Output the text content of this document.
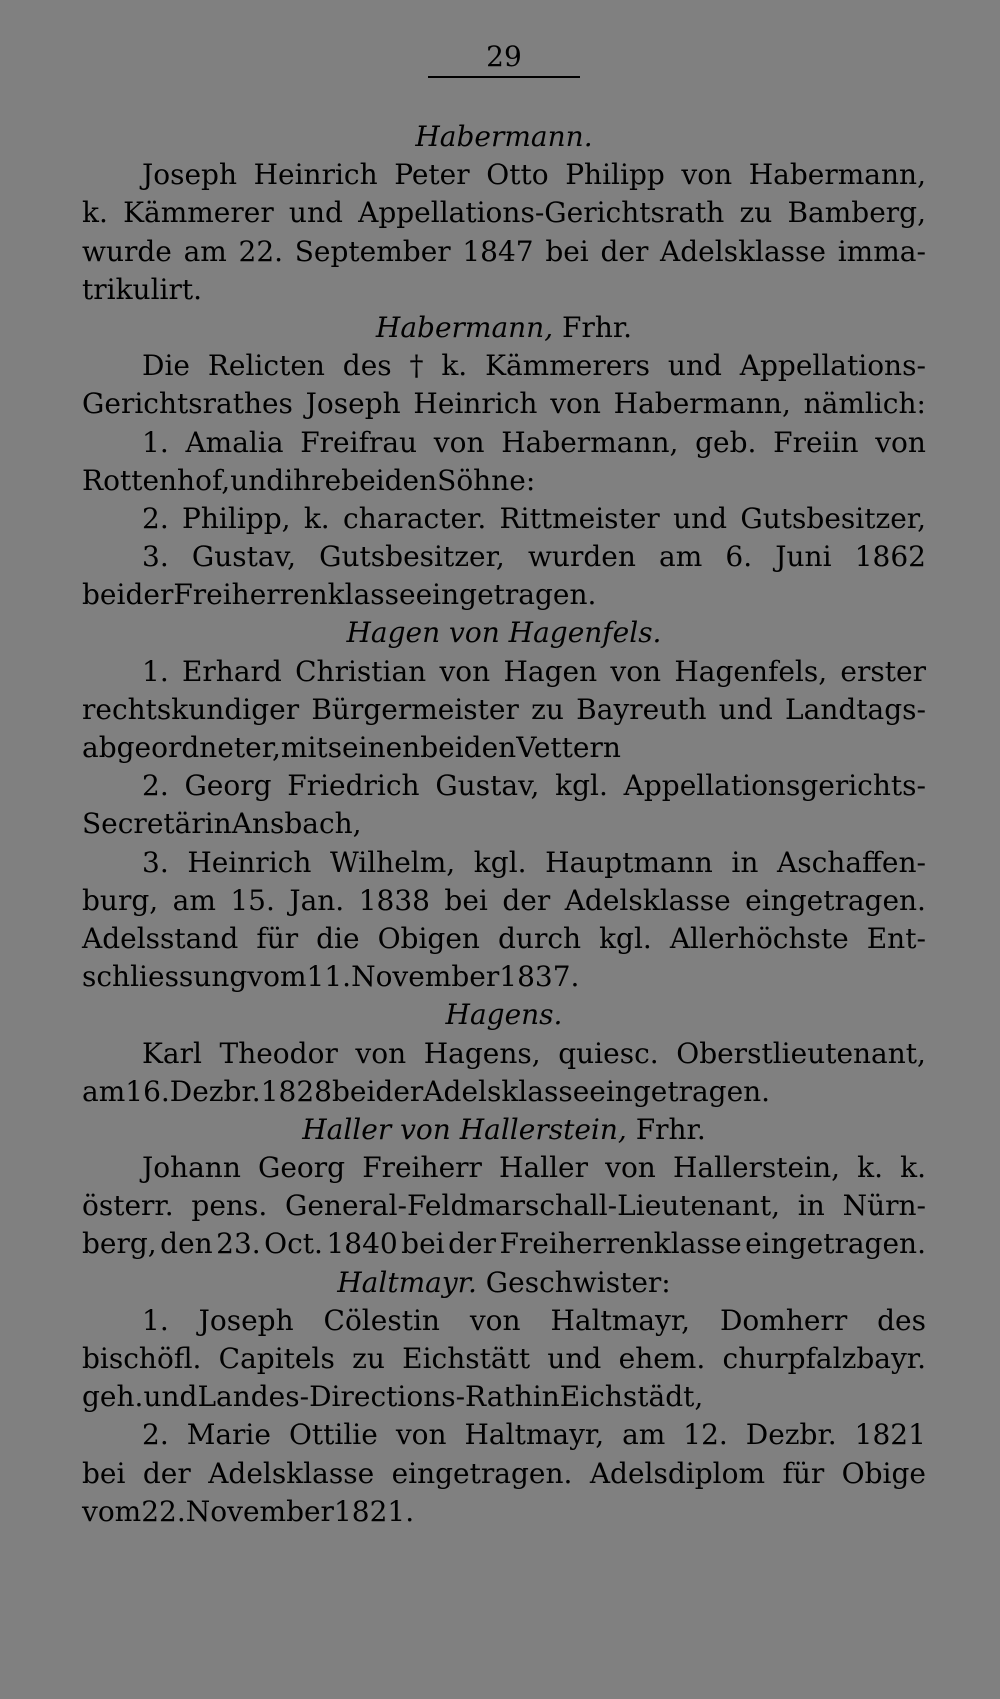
29
Habermann.
Joseph Heinrich Peter Otto Philipp von Habermann,
k. Kämmerer und Appellations-Gerichtsrath zu Bamberg,
wurde am 22. September 1847 bei der Adelsklasse imma-
trikulirt.
Habermann,
Frhr.
Die Relicten des † k. Kämmerers und Appellations-
Gerichtsrathes Joseph Heinrich von Habermann, nämlich:
1. Amalia Freifrau von Habermann, geb. Freiin von
Rottenhof, und ihre beiden Söhne:
2. Philipp, k. character. Rittmeister und Gutsbesitzer,
3. Gustav, Gutsbesitzer, wurden am 6. Juni 1862
bei der Freiherrenklasse eingetragen.
Hagen von Hagenfels.
1. Erhard Christian von Hagen von Hagenfels, erster
rechtskundiger Bürgermeister zu Bayreuth und Landtags-
abgeordneter, mit seinen beiden Vettern
2. Georg Friedrich Gustav, kgl. Appellationsgerichts-
Secretär in Ansbach,
3. Heinrich Wilhelm, kgl. Hauptmann in Aschaffen-
burg, am 15. Jan. 1838 bei der Adelsklasse eingetragen.
Adelsstand für die Obigen durch kgl. Allerhöchste Ent-
schliessung vom 11. November 1837.
Hagens.
Karl Theodor von Hagens, quiesc. Oberstlieutenant,
am 16. Dezbr. 1828 bei der Adelsklasse eingetragen.
Haller von Hallerstein,
Frhr.
Johann Georg Freiherr Haller von Hallerstein, k. k.
österr. pens. General-Feldmarschall-Lieutenant, in Nürn-
berg, den 23. Oct. 1840 bei der Freiherrenklasse eingetragen.
Haltmayr.
Geschwister:
1. Joseph Cölestin von Haltmayr, Domherr des
bischöfl. Capitels zu Eichstätt und ehem. churpfalzbayr.
geh. und Landes-Directions-Rath in Eichstädt,
2. Marie Ottilie von Haltmayr, am 12. Dezbr. 1821
bei der Adelsklasse eingetragen. Adelsdiplom für Obige
vom 22. November 1821.
